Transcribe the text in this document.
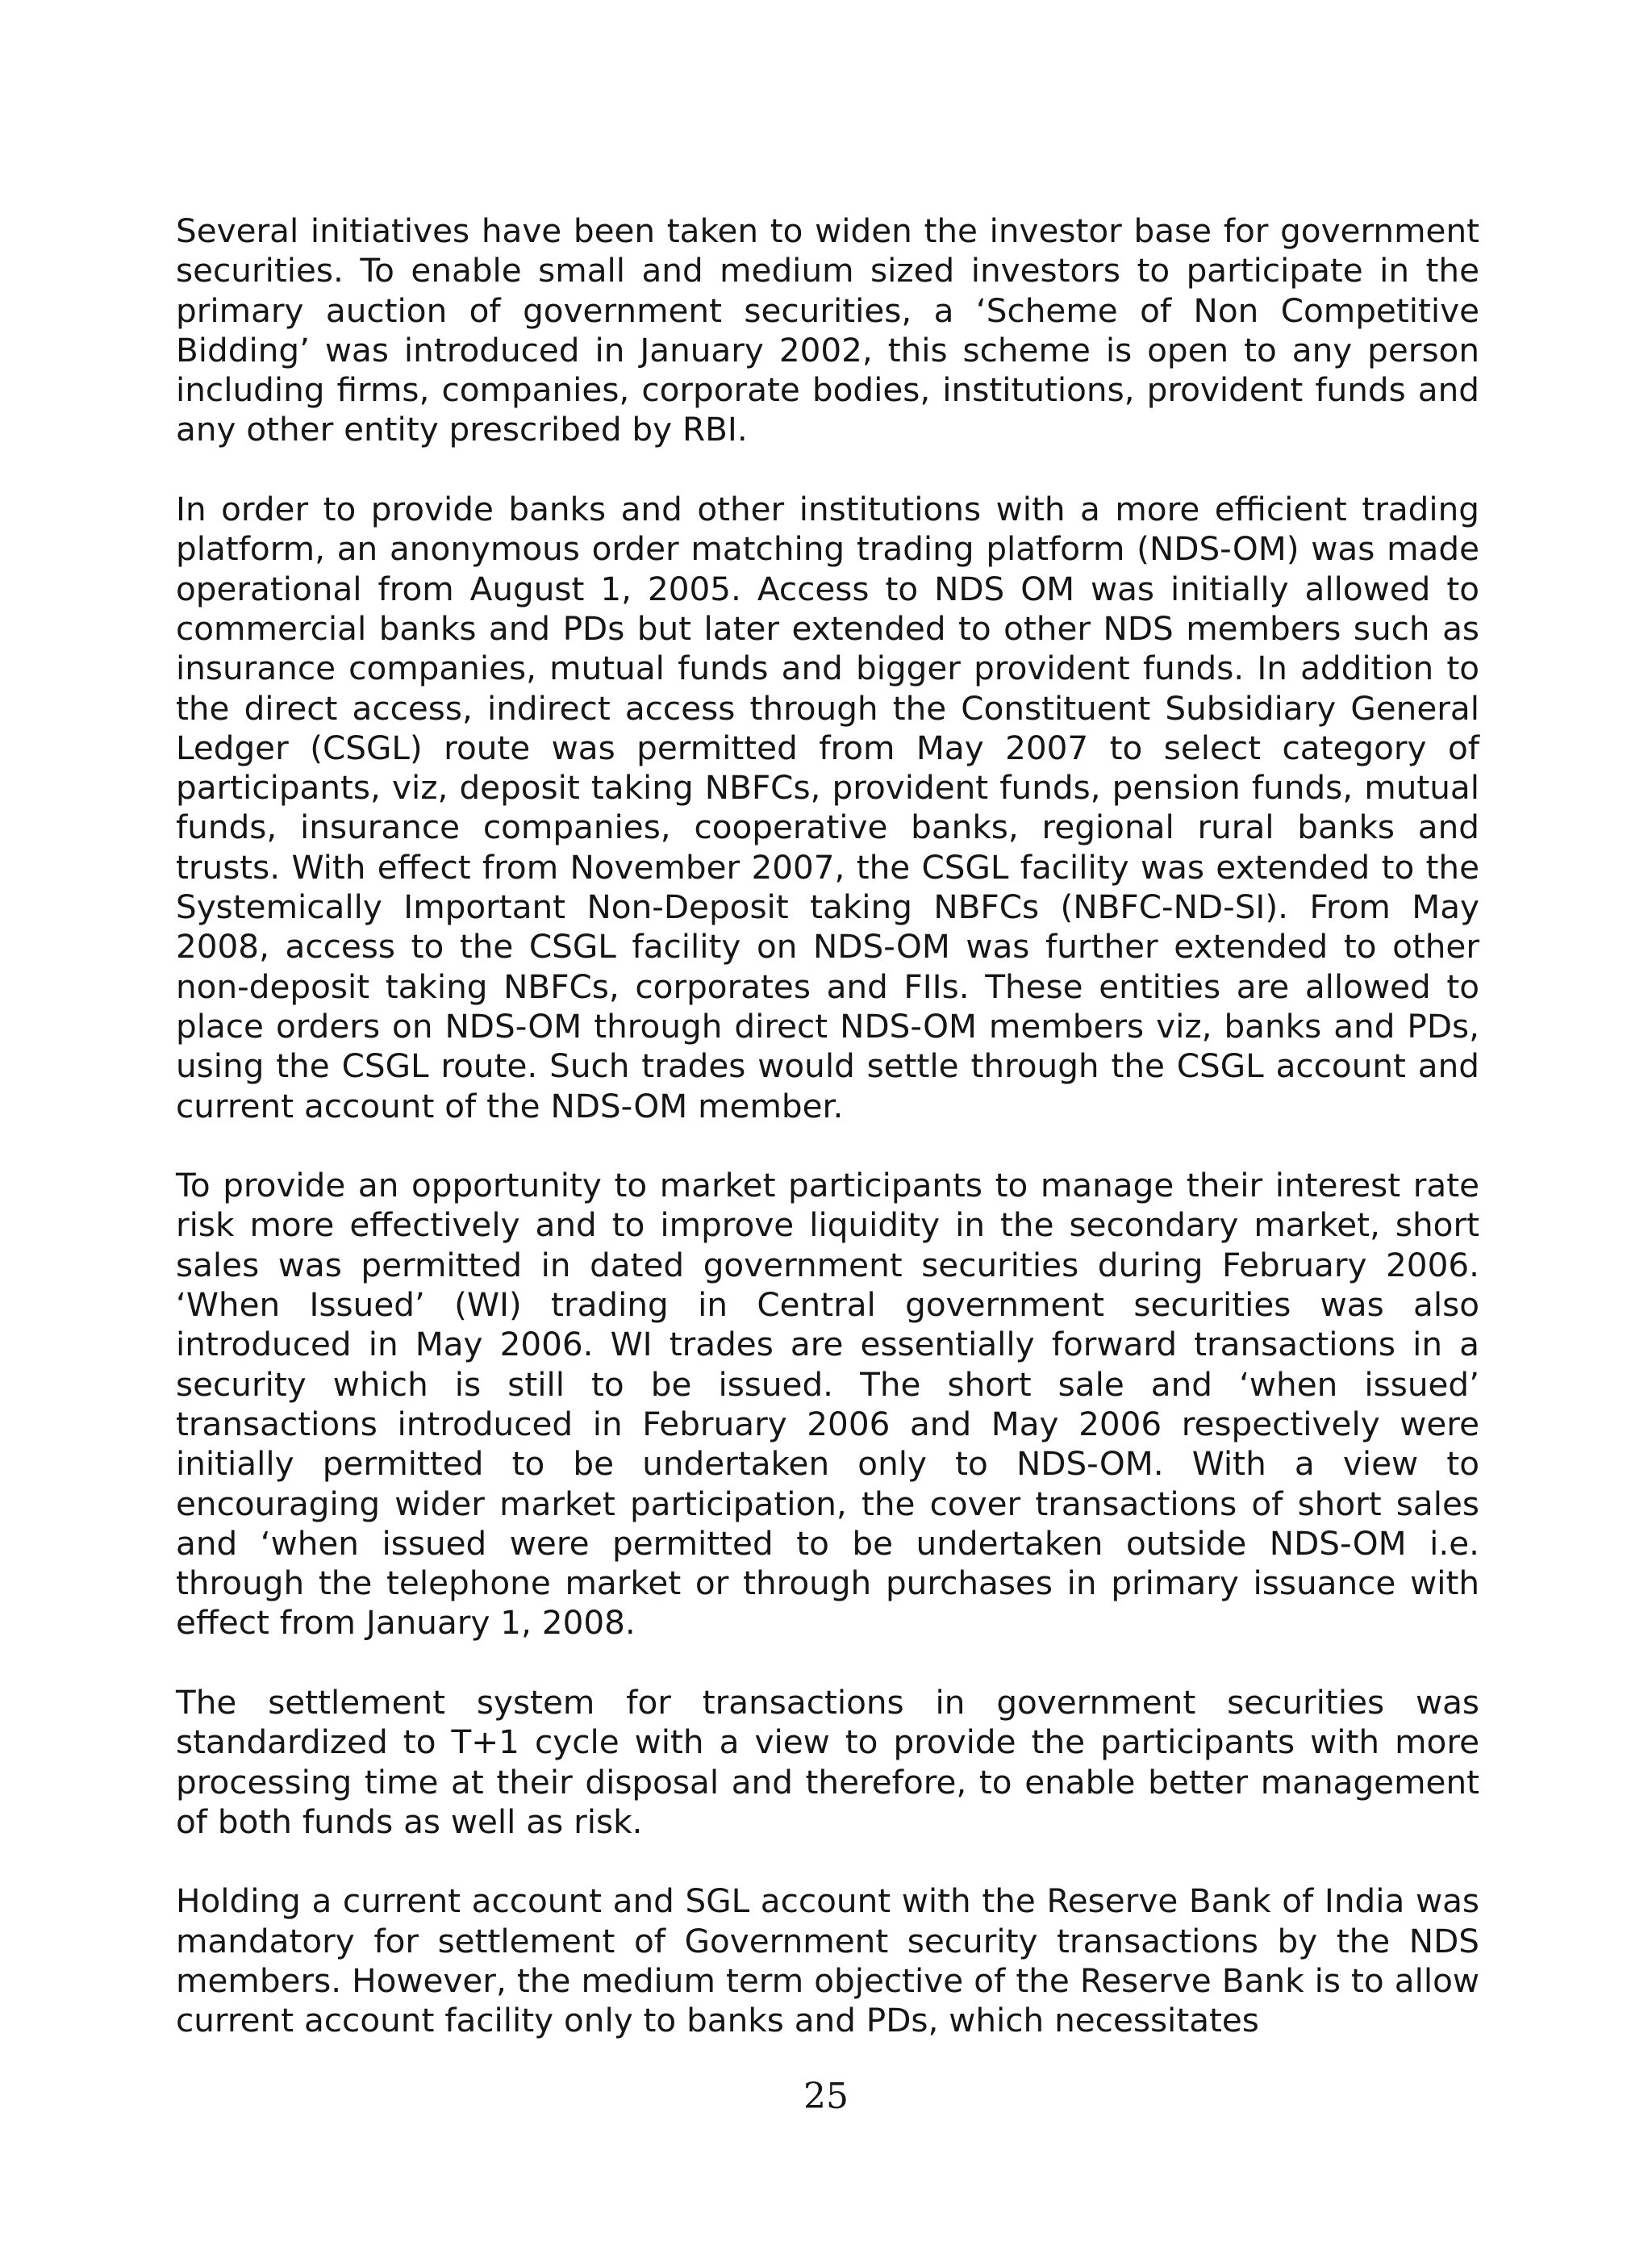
Several initiatives have been taken to widen the investor base for government securities. To enable small and medium sized investors to participate in the primary auction of government securities, a ‘Scheme of Non Competitive Bidding’ was introduced in January 2002, this scheme is open to any person including firms, companies, corporate bodies, institutions, provident funds and any other entity prescribed by RBI.

In order to provide banks and other institutions with a more efficient trading platform, an anonymous order matching trading platform (NDS-OM) was made operational from August 1, 2005. Access to NDS OM was initially allowed to commercial banks and PDs but later extended to other NDS members such as insurance companies, mutual funds and bigger provident funds. In addition to the direct access, indirect access through the Constituent Subsidiary General Ledger (CSGL) route was permitted from May 2007 to select category of participants, viz, deposit taking NBFCs, provident funds, pension funds, mutual funds, insurance companies, cooperative banks, regional rural banks and trusts. With effect from November 2007, the CSGL facility was extended to the Systemically Important Non-Deposit taking NBFCs (NBFC-ND-SI). From May 2008, access to the CSGL facility on NDS-OM was further extended to other non-deposit taking NBFCs, corporates and FIIs. These entities are allowed to place orders on NDS-OM through direct NDS-OM members viz, banks and PDs, using the CSGL route. Such trades would settle through the CSGL account and current account of the NDS-OM member.

To provide an opportunity to market participants to manage their interest rate risk more effectively and to improve liquidity in the secondary market, short sales was permitted in dated government securities during February 2006. ‘When Issued’ (WI) trading in Central government securities was also introduced in May 2006. WI trades are essentially forward transactions in a security which is still to be issued. The short sale and ‘when issued’ transactions introduced in February 2006 and May 2006 respectively were initially permitted to be undertaken only to NDS-OM. With a view to encouraging wider market participation, the cover transactions of short sales and ‘when issued were permitted to be undertaken outside NDS-OM i.e. through the telephone market or through purchases in primary issuance with effect from January 1, 2008.

The settlement system for transactions in government securities was standardized to T+1 cycle with a view to provide the participants with more processing time at their disposal and therefore, to enable better management of both funds as well as risk.

Holding a current account and SGL account with the Reserve Bank of India was mandatory for settlement of Government security transactions by the NDS members. However, the medium term objective of the Reserve Bank is to allow current account facility only to banks and PDs, which necessitates

25
